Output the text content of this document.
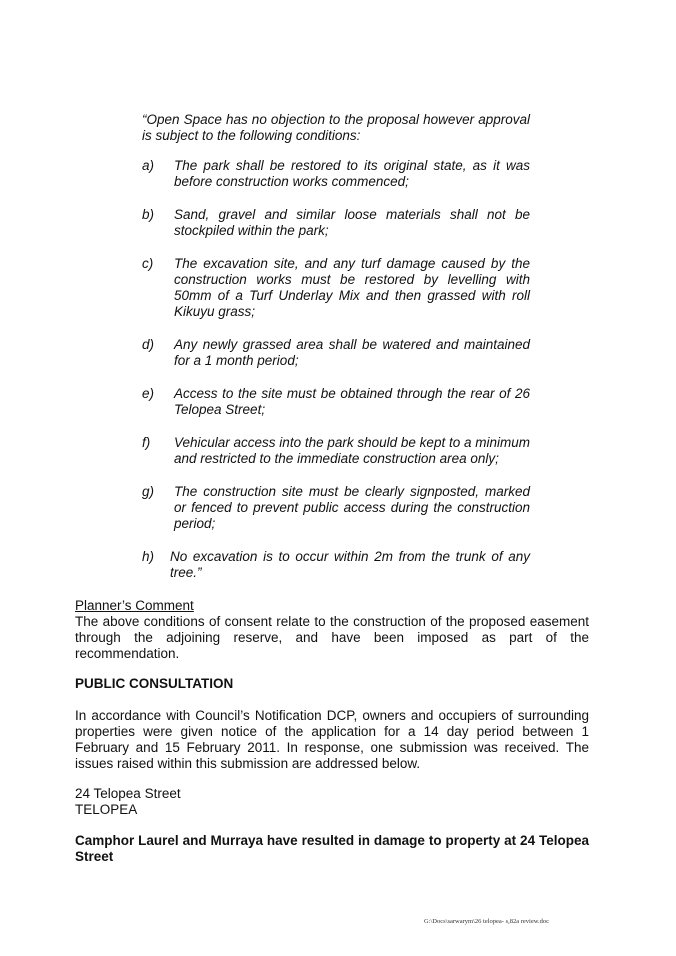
“Open Space has no objection to the proposal however approval is subject to the following conditions:

a)	The park shall be restored to its original state, as it was before construction works commenced;
b)	Sand, gravel and similar loose materials shall not be stockpiled within the park;
c)	The excavation site, and any turf damage caused by the construction works must be restored by levelling with 50mm of a Turf Underlay Mix and then grassed with roll Kikuyu grass;
d)	Any newly grassed area shall be watered and maintained for a 1 month period;
e)	Access to the site must be obtained through the rear of 26 Telopea Street;
f)	Vehicular access into the park should be kept to a minimum and restricted to the immediate construction area only;
g)	The construction site must be clearly signposted, marked or fenced to prevent public access during the construction period;
h)	No excavation is to occur within 2m from the trunk of any tree.”
Planner’s Comment
The above conditions of consent relate to the construction of the proposed easement through the adjoining reserve, and have been imposed as part of the recommendation.
PUBLIC CONSULTATION
In accordance with Council’s Notification DCP, owners and occupiers of surrounding properties were given notice of the application for a 14 day period between 1 February and 15 February 2011. In response, one submission was received. The issues raised within this submission are addressed below.
24 Telopea Street
TELOPEA
Camphor Laurel and Murraya have resulted in damage to property at 24 Telopea Street
G:\Docs\sarwarym\26 telopea- s,82a review.doc
